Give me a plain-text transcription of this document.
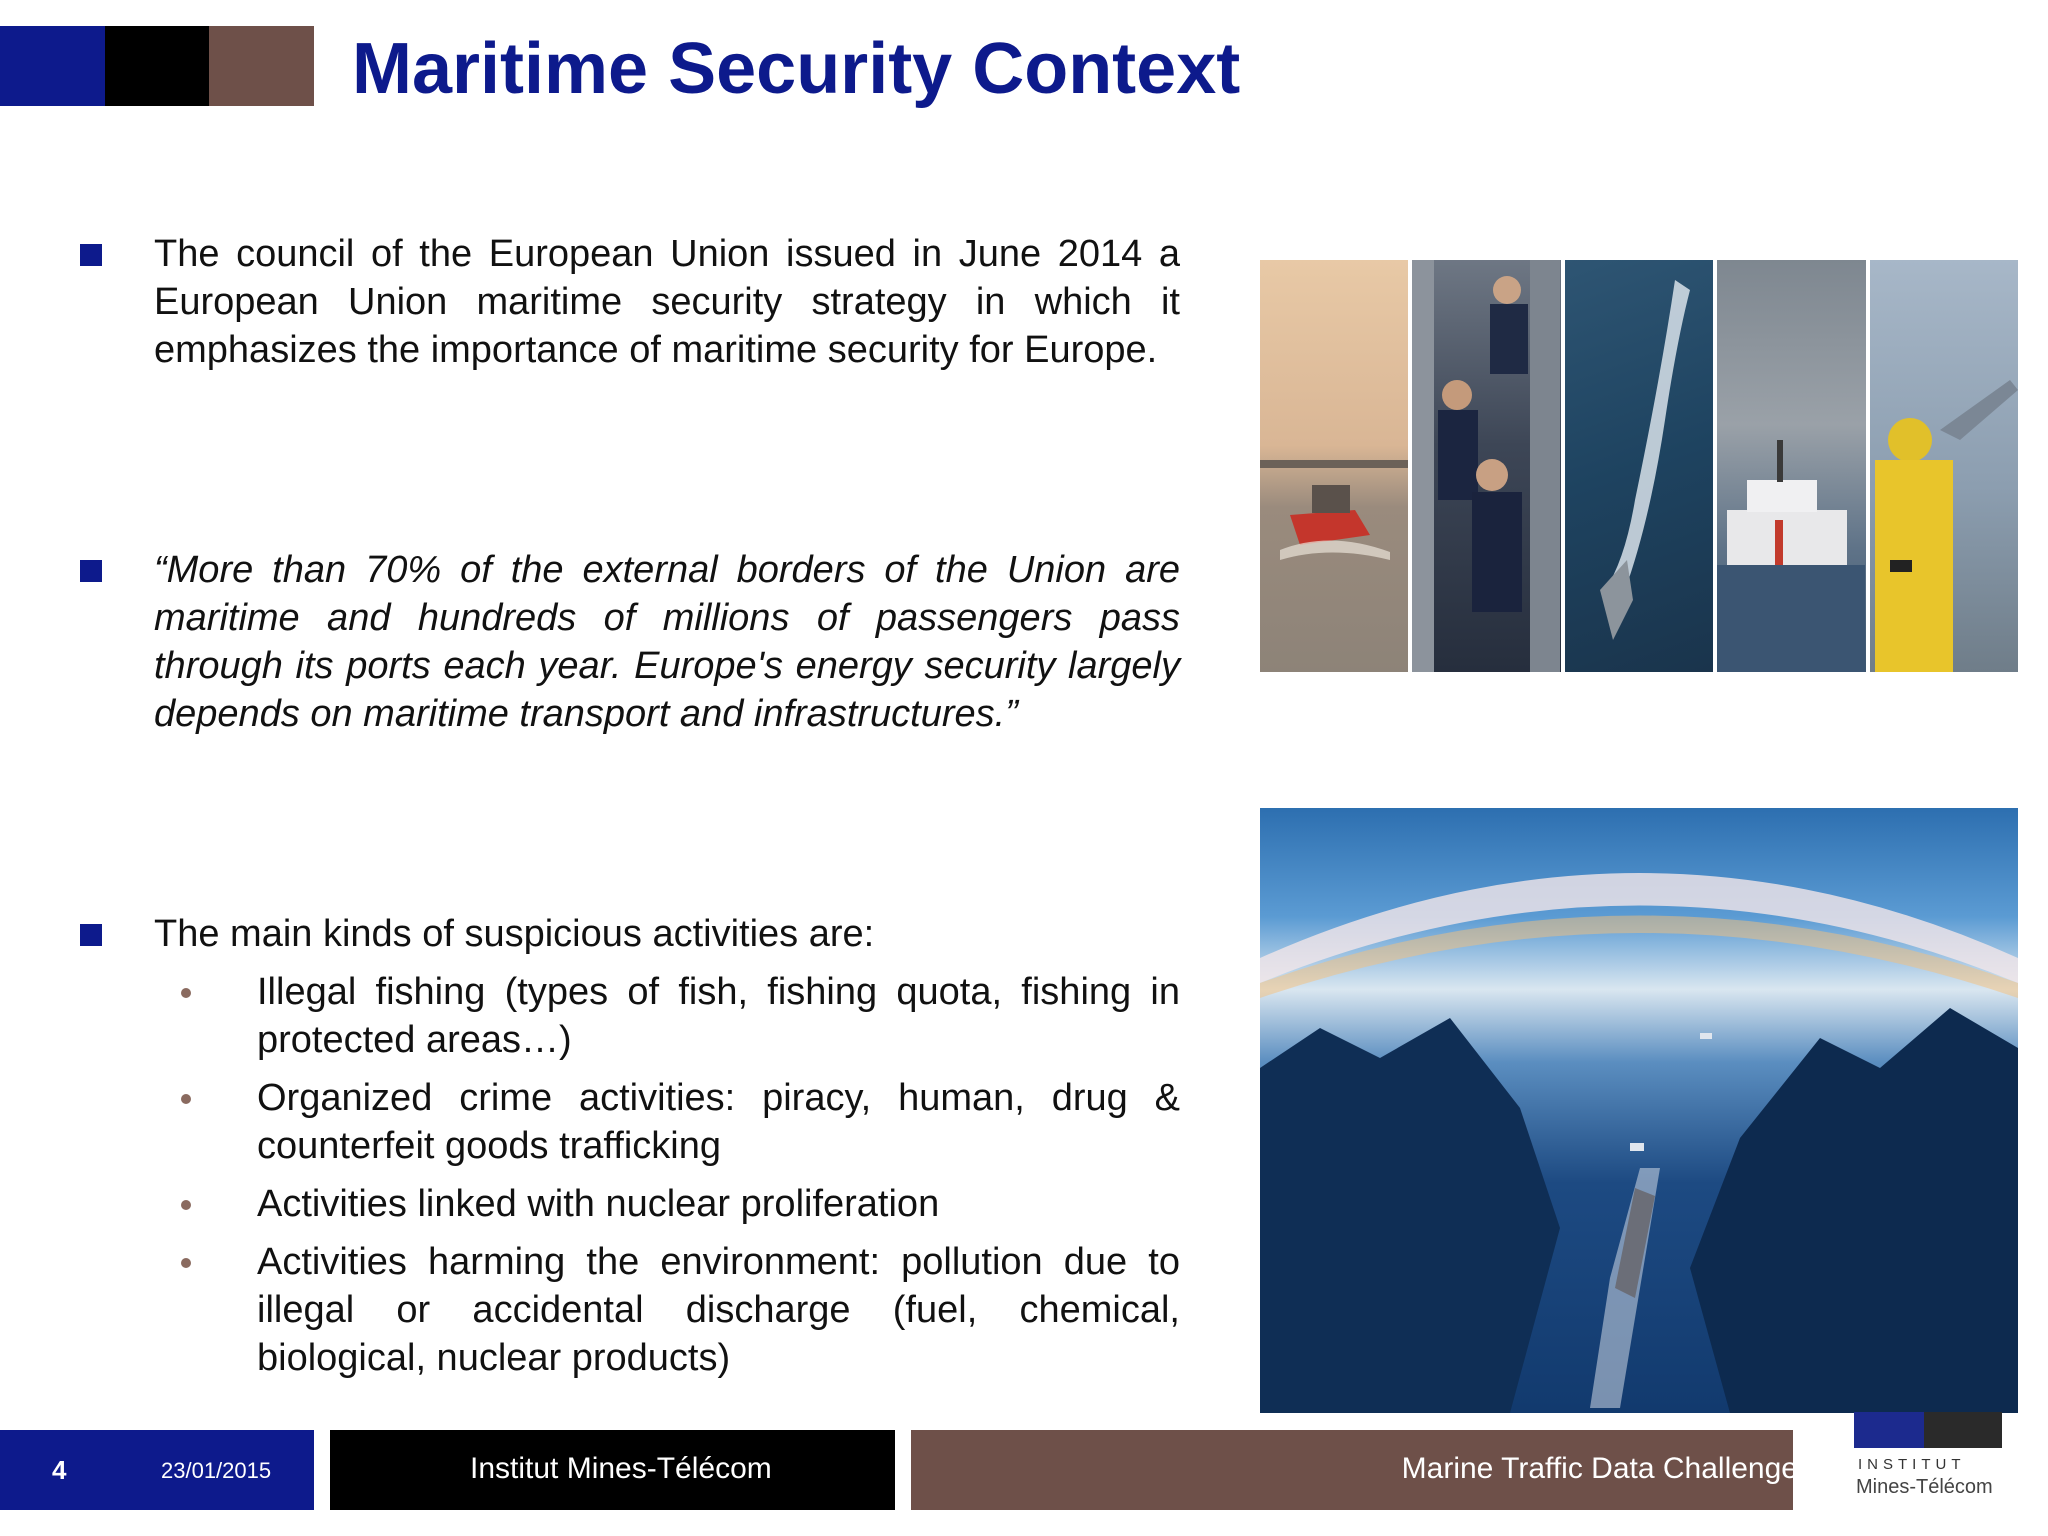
Maritime Security Context
The council of the European Union issued in June 2014 a European Union maritime security strategy in which it emphasizes the importance of maritime security for Europe.
“More than 70% of the external borders of the Union are maritime and hundreds of millions of passengers pass through its ports each year. Europe's energy security largely depends on maritime transport and infrastructures.”
The main kinds of suspicious activities are:
Illegal fishing (types of fish, fishing quota, fishing in protected areas…)
Organized crime activities: piracy, human, drug & counterfeit goods trafficking
Activities linked with nuclear proliferation
Activities harming the environment: pollution due to illegal or accidental discharge (fuel, chemical, biological, nuclear products)
4	23/01/2015	Institut Mines-Télécom	Marine Traffic Data Challenge	INSTITUT
Mines-Télécom
